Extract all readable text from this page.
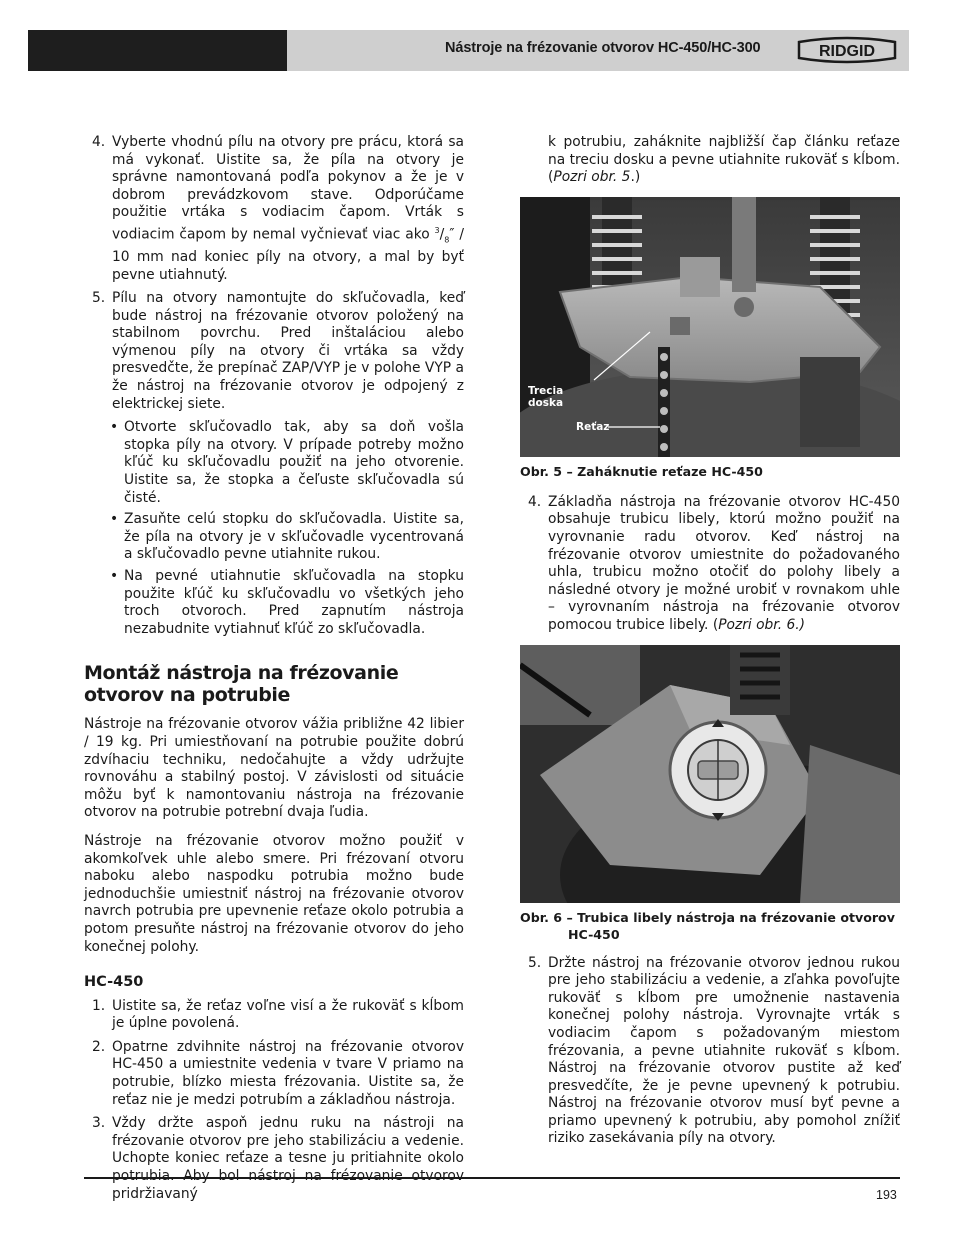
Nástroje na frézovanie otvorov HC-450/HC-300	RIDGID

4. Vyberte vhodnú pílu na otvory pre prácu, ktorá sa má vykonať. Uistite sa, že píla na otvory je správne namontovaná podľa pokynov a že je v dobrom prevádzkovom stave. Odporúčame použitie vrtáka s vodiacim čapom. Vrták s vodiacim čapom by nemal vyčnievať viac ako $^3/_8'' / 10$ mm nad koniec píly na otvory, a mal by byť pevne utiahnutý.

5. Pílu na otvory namontujte do skľučovadla, keď bude nástroj na frézovanie otvorov položený na stabilnom povrchu. Pred inštaláciou alebo výmenou píly na otvory či vrtáka sa vždy presvedčte, že prepínač ZAP/VYP je v polohe VYP a že nástroj na frézovanie otvorov je odpojený z elektrickej siete.

• Otvorte skľučovadlo tak, aby sa doň vošla stopka píly na otvory. V prípade potreby možno kľúč ku skľučovadlu použiť na jeho otvorenie. Uistite sa, že stopka a čeľuste skľučovadla sú čisté.

• Zasuňte celú stopku do skľučovadla. Uistite sa, že píla na otvory je v skľučovadle vycentrovaná a skľučovadlo pevne utiahnite rukou.

• Na pevné utiahnutie skľučovadla na stopku použite kľúč ku skľučovadlu vo všetkých jeho troch otvoroch. Pred zapnutím nástroja nezabudnite vytiahnuť kľúč zo skľučovadla.

Montáž nástroja na frézovanie
otvorov na potrubie

Nástroje na frézovanie otvorov vážia približne 42 libier / 19 kg. Pri umiestňovaní na potrubie použite dobrú zdvíhaciu techniku, nedočahujte a vždy udržujte rovnováhu a stabilný postoj. V závislosti od situácie môžu byť k namontovaniu nástroja na frézovanie otvorov na potrubie potrební dvaja ľudia.

Nástroje na frézovanie otvorov možno použiť v akomkoľvek uhle alebo smere. Pri frézovaní otvoru naboku alebo naspodku potrubia možno bude jednoduchšie umiestniť nástroj na frézovanie otvorov navrch potrubia pre upevnenie reťaze okolo potrubia a potom presuňte nástroj na frézovanie otvorov do jeho konečnej polohy.

HC-450

1. Uistite sa, že reťaz voľne visí a že rukoväť s kĺbom je úplne povolená.

2. Opatrne zdvihnite nástroj na frézovanie otvorov HC-450 a umiestnite vedenia v tvare V priamo na potrubie, blízko miesta frézovania. Uistite sa, že reťaz nie je medzi potrubím a základňou nástroja.

3. Vždy držte aspoň jednu ruku na nástroji na frézovanie otvorov pre jeho stabilizáciu a vedenie. Uchopte koniec reťaze a tesne ju pritiahnite okolo pridržiavaný

k potrubiu, zaháknite najbližší čap článku reťaze na treciu dosku a pevne utiahnite rukoväť s kĺbom. (Pozri obr. 5.)

Trecia
doska
Reťaz

Obr. 5 – Zaháknutie reťaze HC-450

4. Základňa nástroja na frézovanie otvorov HC-450 obsahuje trubicu libely, ktorú možno použiť na vyrovnanie radu otvorov. Keď nástroj na frézovanie otvorov umiestnite do požadovaného uhla, trubicu možno otočiť do polohy libely a následné otvory je možné urobiť v rovnakom uhle – vyrovnaním nástroja na frézovanie otvorov pomocou trubice libely. (Pozri obr. 6.)

Obr. 6 – Trubica libely nástroja na frézovanie otvorov
HC-450

5. Držte nástroj na frézovanie otvorov jednou rukou pre jeho stabilizáciu a vedenie, a zľahka povoľujte rukoväť s kĺbom pre umožnenie nastavenia konečnej polohy nástroja. Vyrovnajte vrták s vodiacim čapom s požadovaným miestom frézovania, a pevne utiahnite rukoväť s kĺbom. Nástroj na frézovanie otvorov pustite až keď presvedčíte, že je pevne upevnený k potrubiu. Nástroj na frézovanie otvorov musí byť pevne a priamo upevnený k potrubiu, aby pomohol znížiť riziko zasekávania píly na otvory.

193
